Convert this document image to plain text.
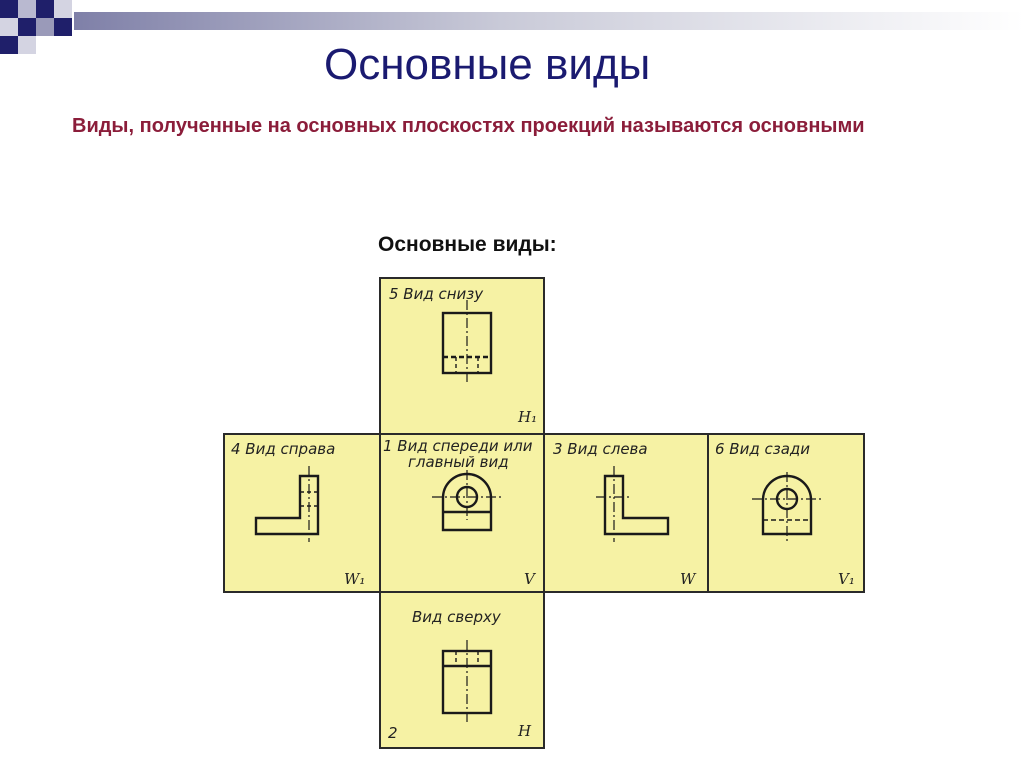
Основные виды
Виды, полученные на основных плоскостях проекций называются основными
Основные виды:
5 Вид снизу
H₁
4 Вид справа
W₁
1 Вид спереди или
главный вид
V
3 Вид слева
W
6 Вид сзади
V₁
Вид сверху
2	H
